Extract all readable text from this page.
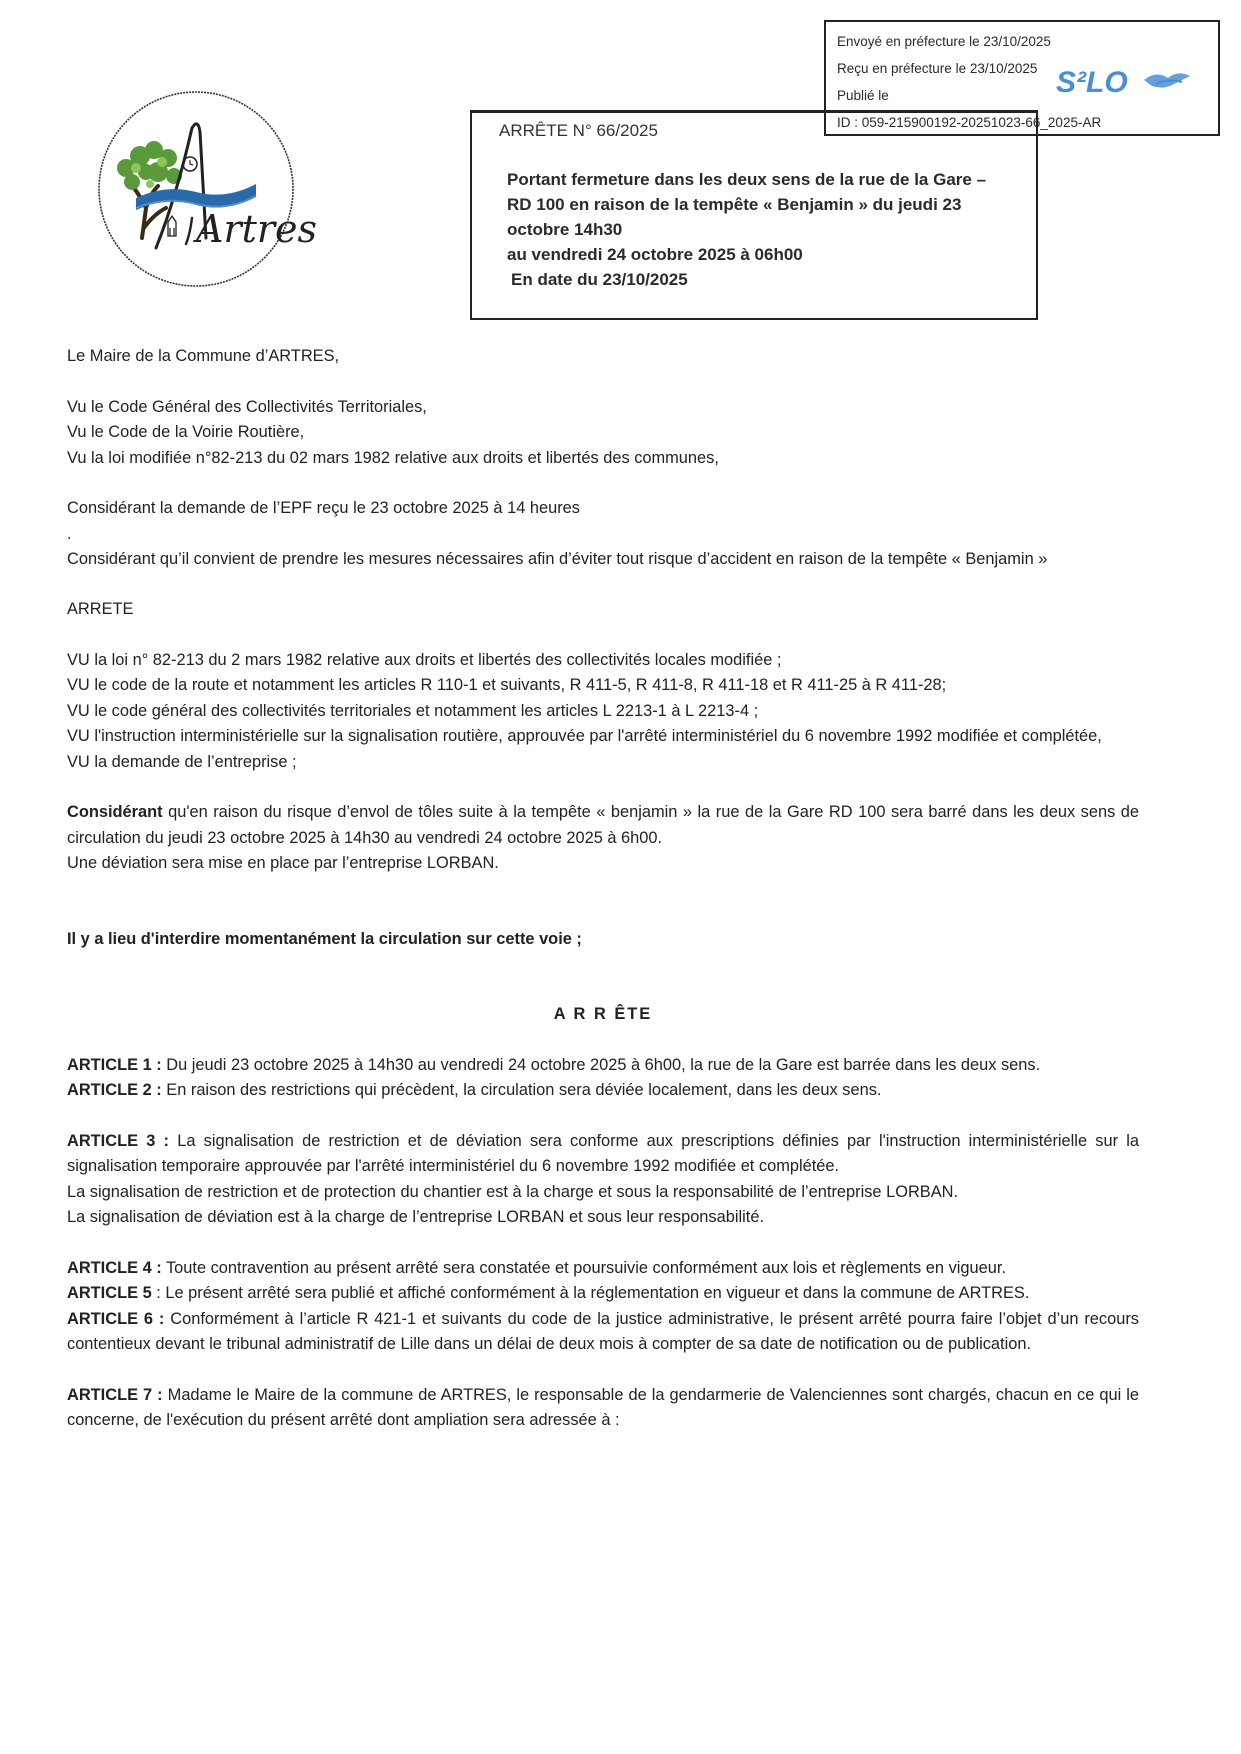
Envoyé en préfecture le 23/10/2025
Reçu en préfecture le 23/10/2025
Publié le
ID : 059-215900192-20251023-66_2025-AR
S²LO
Artres
ARRÊTE N° 66/2025
Portant fermeture dans les deux sens de la rue de la Gare –
RD 100 en raison de la tempête « Benjamin » du jeudi 23 octobre 14h30
au vendredi 24 octobre 2025 à 06h00
En date du 23/10/2025
Le Maire de la Commune d’ARTRES,
Vu le Code Général des Collectivités Territoriales,
Vu le Code de la Voirie Routière,
Vu la loi modifiée n°82-213 du 02 mars 1982 relative aux droits et libertés des communes,
Considérant la demande de l’EPF reçu le 23 octobre 2025 à 14 heures
.
Considérant qu’il convient de prendre les mesures nécessaires afin d’éviter tout risque d’accident en raison de la tempête « Benjamin »
ARRETE
VU la loi n° 82-213 du 2 mars 1982 relative aux droits et libertés des collectivités locales modifiée ;
VU le code de la route et notamment les articles R 110-1 et suivants, R 411-5, R 411-8, R 411-18 et R 411-25 à R 411-28;
VU le code général des collectivités territoriales et notamment les articles L 2213-1 à L 2213-4 ;
VU l'instruction interministérielle sur la signalisation routière, approuvée par l'arrêté interministériel du 6 novembre 1992 modifiée et complétée,
VU la demande de l’entreprise ;
Considérant qu'en raison du risque d’envol de tôles suite à la tempête « benjamin » la rue de la Gare RD 100 sera barré dans les deux sens de circulation du jeudi 23 octobre 2025 à 14h30 au vendredi 24 octobre 2025 à 6h00.
Une déviation sera mise en place par l’entreprise LORBAN.
Il y a lieu d'interdire momentanément la circulation sur cette voie ;
A R R ÊTE
ARTICLE 1 : Du jeudi 23 octobre 2025 à 14h30 au vendredi 24 octobre 2025 à 6h00, la rue de la Gare est barrée dans les deux sens.
ARTICLE 2 : En raison des restrictions qui précèdent, la circulation sera déviée localement, dans les deux sens.
ARTICLE 3 : La signalisation de restriction et de déviation sera conforme aux prescriptions définies par l'instruction interministérielle sur la signalisation temporaire approuvée par l'arrêté interministériel du 6 novembre 1992 modifiée et complétée.
La signalisation de restriction et de protection du chantier est à la charge et sous la responsabilité de l’entreprise LORBAN.
La signalisation de déviation est à la charge de l’entreprise LORBAN et sous leur responsabilité.
ARTICLE 4 : Toute contravention au présent arrêté sera constatée et poursuivie conformément aux lois et règlements en vigueur.
ARTICLE 5 : Le présent arrêté sera publié et affiché conformément à la réglementation en vigueur et dans la commune de ARTRES.
ARTICLE 6 : Conformément à l’article R 421-1 et suivants du code de la justice administrative, le présent arrêté pourra faire l’objet d’un recours contentieux devant le tribunal administratif de Lille dans un délai de deux mois à compter de sa date de notification ou de publication.
ARTICLE 7 : Madame le Maire de la commune de ARTRES, le responsable de la gendarmerie de Valenciennes sont chargés, chacun en ce qui le concerne, de l'exécution du présent arrêté dont ampliation sera adressée à :
